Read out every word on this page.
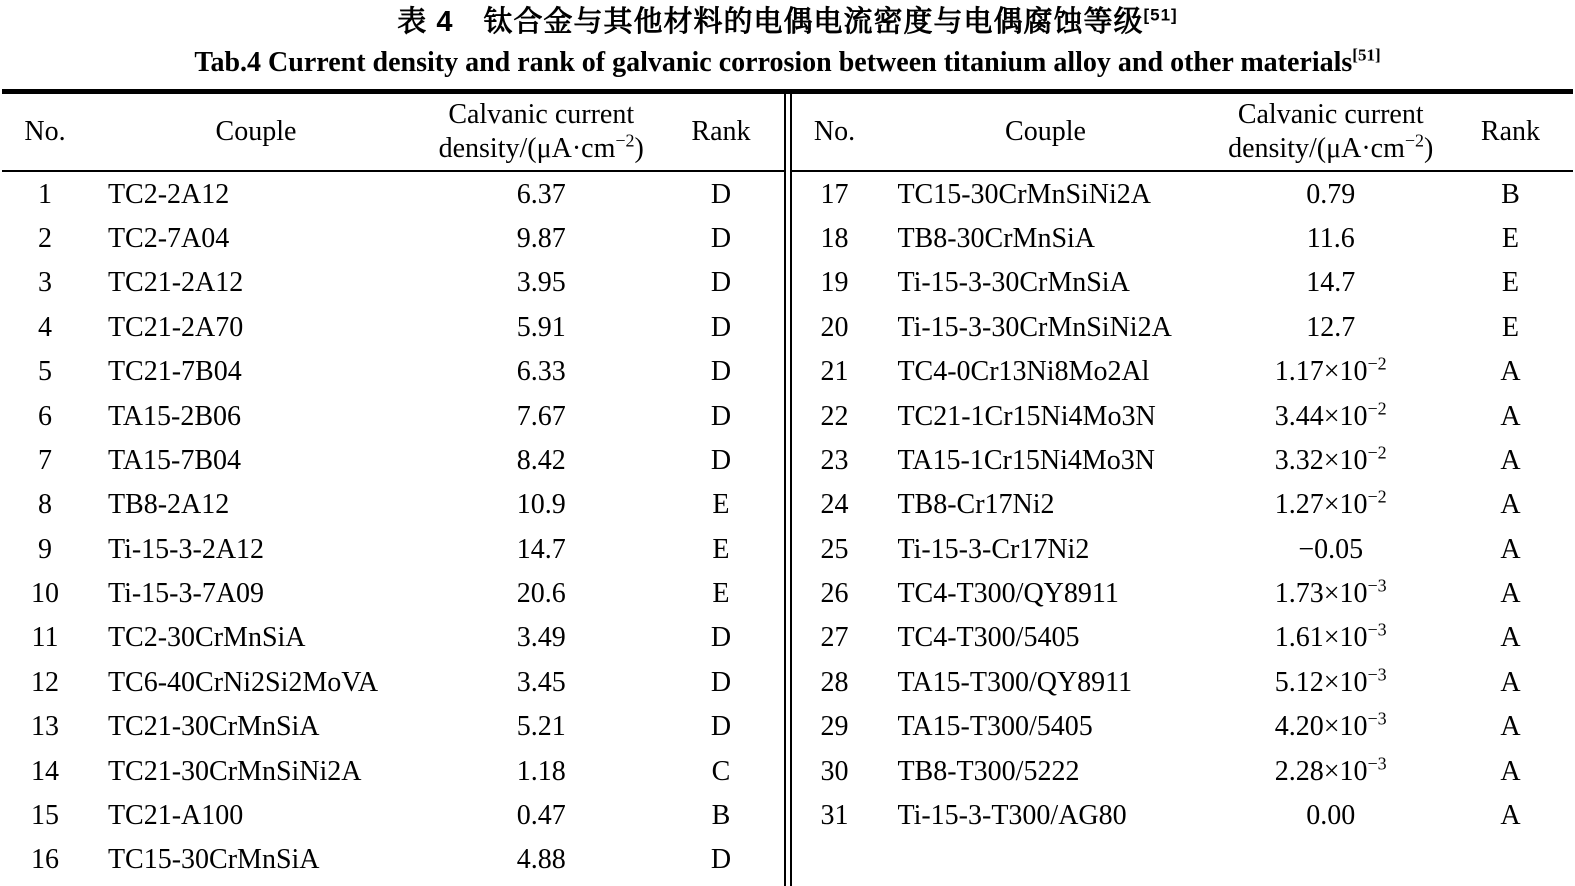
表 4　钛合金与其他材料的电偶电流密度与电偶腐蚀等级[51]
Tab.4 Current density and rank of galvanic corrosion between titanium alloy and other materials[51]
No.	Couple	Calvanic current
density/$(\mu A\cdot cm^{-2})$	Rank
1	TC2-2A12	6.37	D
2	TC2-7A04	9.87	D
3	TC21-2A12	3.95	D
4	TC21-2A70	5.91	D
5	TC21-7B04	6.33	D
6	TA15-2B06	7.67	D
7	TA15-7B04	8.42	D
8	TB8-2A12	10.9	E
9	Ti-15-3-2A12	14.7	E
10	Ti-15-3-7A09	20.6	E
11	TC2-30CrMnSiA	3.49	D
12	TC6-40CrNi2Si2MoVA	3.45	D
13	TC21-30CrMnSiA	5.21	D
14	TC21-30CrMnSiNi2A	1.18	C
15	TC21-A100	0.47	B
16	TC15-30CrMnSiA	4.88	D
No.	Couple	Calvanic current
density/$(\mu A\cdot cm^{-2})$	Rank
17	TC15-30CrMnSiNi2A	0.79	B
18	TB8-30CrMnSiA	11.6	E
19	Ti-15-3-30CrMnSiA	14.7	E
20	Ti-15-3-30CrMnSiNi2A	12.7	E
21	TC4-0Cr13Ni8Mo2Al	$1.17\times 10^{-2}$	A
22	TC21-1Cr15Ni4Mo3N	$3.44\times 10^{-2}$	A
23	TA15-1Cr15Ni4Mo3N	$3.32\times 10^{-2}$	A
24	TB8-Cr17Ni2	$1.27\times 10^{-2}$	A
25	Ti-15-3-Cr17Ni2	−0.05	A
26	TC4-T300/QY8911	$1.73\times 10^{-3}$	A
27	TC4-T300/5405	$1.61\times 10^{-3}$	A
28	TA15-T300/QY8911	$5.12\times 10^{-3}$	A
29	TA15-T300/5405	$4.20\times 10^{-3}$	A
30	TB8-T300/5222	$2.28\times 10^{-3}$	A
31	Ti-15-3-T300/AG80	0.00	A
